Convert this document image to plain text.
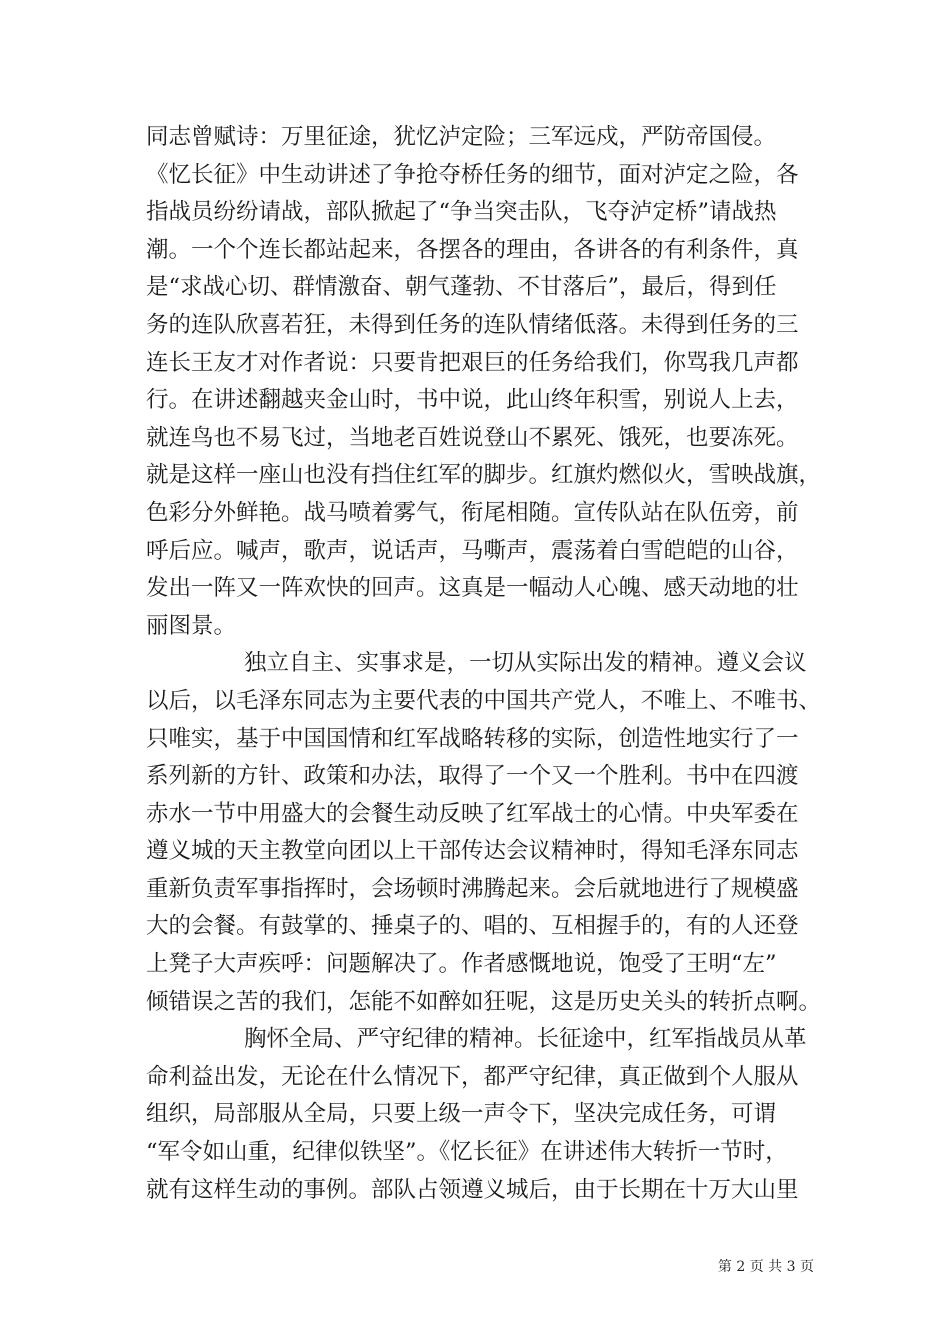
同志曾赋诗：万里征途，犹忆泸定险；三军远戍，严防帝国侵。
《忆长征》中生动讲述了争抢夺桥任务的细节，面对泸定之险，各
指战员纷纷请战，部队掀起了“争当突击队，飞夺泸定桥”请战热
潮。一个个连长都站起来，各摆各的理由，各讲各的有利条件，真
是“求战心切、群情激奋、朝气蓬勃、不甘落后”，最后，得到任
务的连队欣喜若狂，未得到任务的连队情绪低落。未得到任务的三
连长王友才对作者说：只要肯把艰巨的任务给我们，你骂我几声都
行。在讲述翻越夹金山时，书中说，此山终年积雪，别说人上去，
就连鸟也不易飞过，当地老百姓说登山不累死、饿死，也要冻死。
就是这样一座山也没有挡住红军的脚步。红旗灼燃似火，雪映战旗，
色彩分外鲜艳。战马喷着雾气，衔尾相随。宣传队站在队伍旁，前
呼后应。喊声，歌声，说话声，马嘶声，震荡着白雪皑皑的山谷，
发出一阵又一阵欢快的回声。这真是一幅动人心魄、感天动地的壮
丽图景。
独立自主、实事求是，一切从实际出发的精神。遵义会议
以后，以毛泽东同志为主要代表的中国共产党人，不唯上、不唯书、
只唯实，基于中国国情和红军战略转移的实际，创造性地实行了一
系列新的方针、政策和办法，取得了一个又一个胜利。书中在四渡
赤水一节中用盛大的会餐生动反映了红军战士的心情。中央军委在
遵义城的天主教堂向团以上干部传达会议精神时，得知毛泽东同志
重新负责军事指挥时，会场顿时沸腾起来。会后就地进行了规模盛
大的会餐。有鼓掌的、捶桌子的、唱的、互相握手的，有的人还登
上凳子大声疾呼：问题解决了。作者感慨地说，饱受了王明“左”
倾错误之苦的我们，怎能不如醉如狂呢，这是历史关头的转折点啊。
胸怀全局、严守纪律的精神。长征途中，红军指战员从革
命利益出发，无论在什么情况下，都严守纪律，真正做到个人服从
组织，局部服从全局，只要上级一声令下，坚决完成任务，可谓
“军令如山重，纪律似铁坚”。《忆长征》在讲述伟大转折一节时，
就有这样生动的事例。部队占领遵义城后，由于长期在十万大山里
第 2 页 共 3 页
